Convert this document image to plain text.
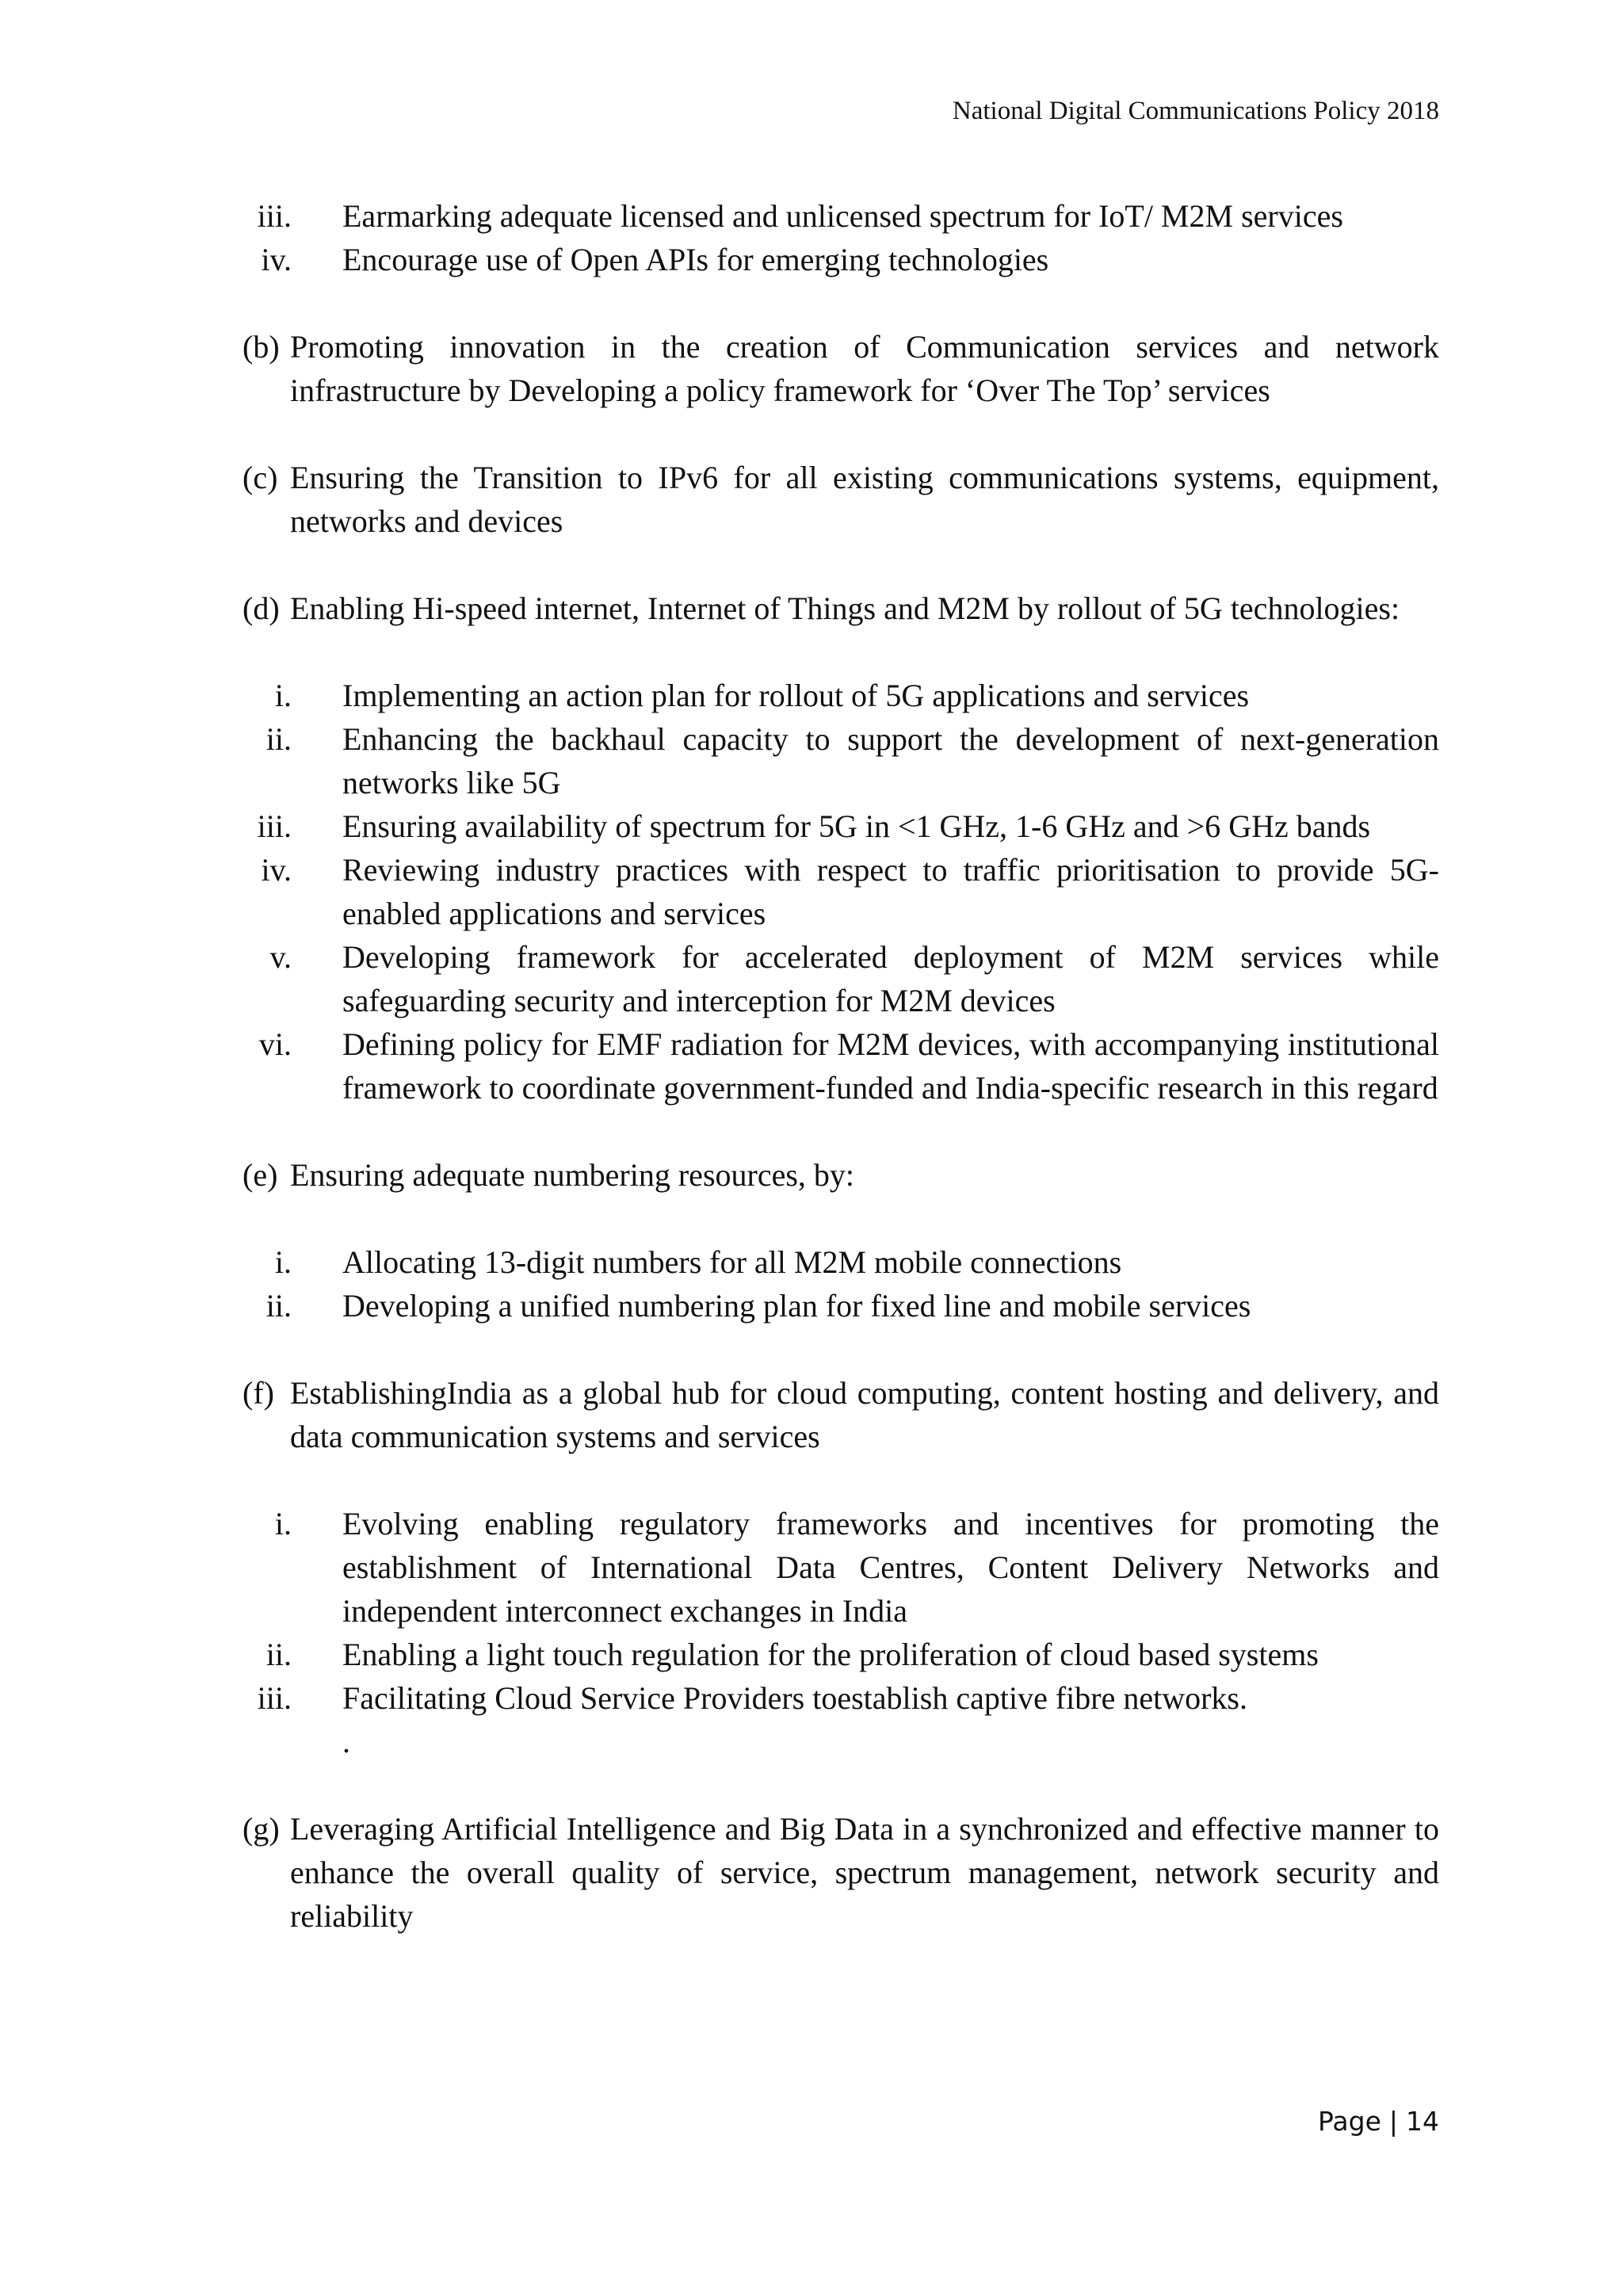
National Digital Communications Policy 2018
iii.	Earmarking adequate licensed and unlicensed spectrum for IoT/ M2M services
iv.	Encourage use of Open APIs for emerging technologies
(b) Promoting innovation in the creation of Communication services and network infrastructure by Developing a policy framework for ‘Over The Top’ services
(c) Ensuring the Transition to IPv6 for all existing communications systems, equipment, networks and devices
(d) Enabling Hi-speed internet, Internet of Things and M2M by rollout of 5G technologies:
i.	Implementing an action plan for rollout of 5G applications and services
ii.	Enhancing the backhaul capacity to support the development of next-generation networks like 5G
iii.	Ensuring availability of spectrum for 5G in <1 GHz, 1-6 GHz and >6 GHz bands
iv.	Reviewing industry practices with respect to traffic prioritisation to provide 5G-enabled applications and services
v.	Developing framework for accelerated deployment of M2M services while safeguarding security and interception for M2M devices
vi.	Defining policy for EMF radiation for M2M devices, with accompanying institutional framework to coordinate government-funded and India-specific research in this regard
(e) Ensuring adequate numbering resources, by:
i.	Allocating 13-digit numbers for all M2M mobile connections
ii.	Developing a unified numbering plan for fixed line and mobile services
(f) EstablishingIndia as a global hub for cloud computing, content hosting and delivery, and data communication systems and services
i.	Evolving enabling regulatory frameworks and incentives for promoting the establishment of International Data Centres, Content Delivery Networks and independent interconnect exchanges in India
ii.	Enabling a light touch regulation for the proliferation of cloud based systems
iii.	Facilitating Cloud Service Providers toestablish captive fibre networks.
.
(g) Leveraging Artificial Intelligence and Big Data in a synchronized and effective manner to enhance the overall quality of service, spectrum management, network security and reliability
Page | 14
